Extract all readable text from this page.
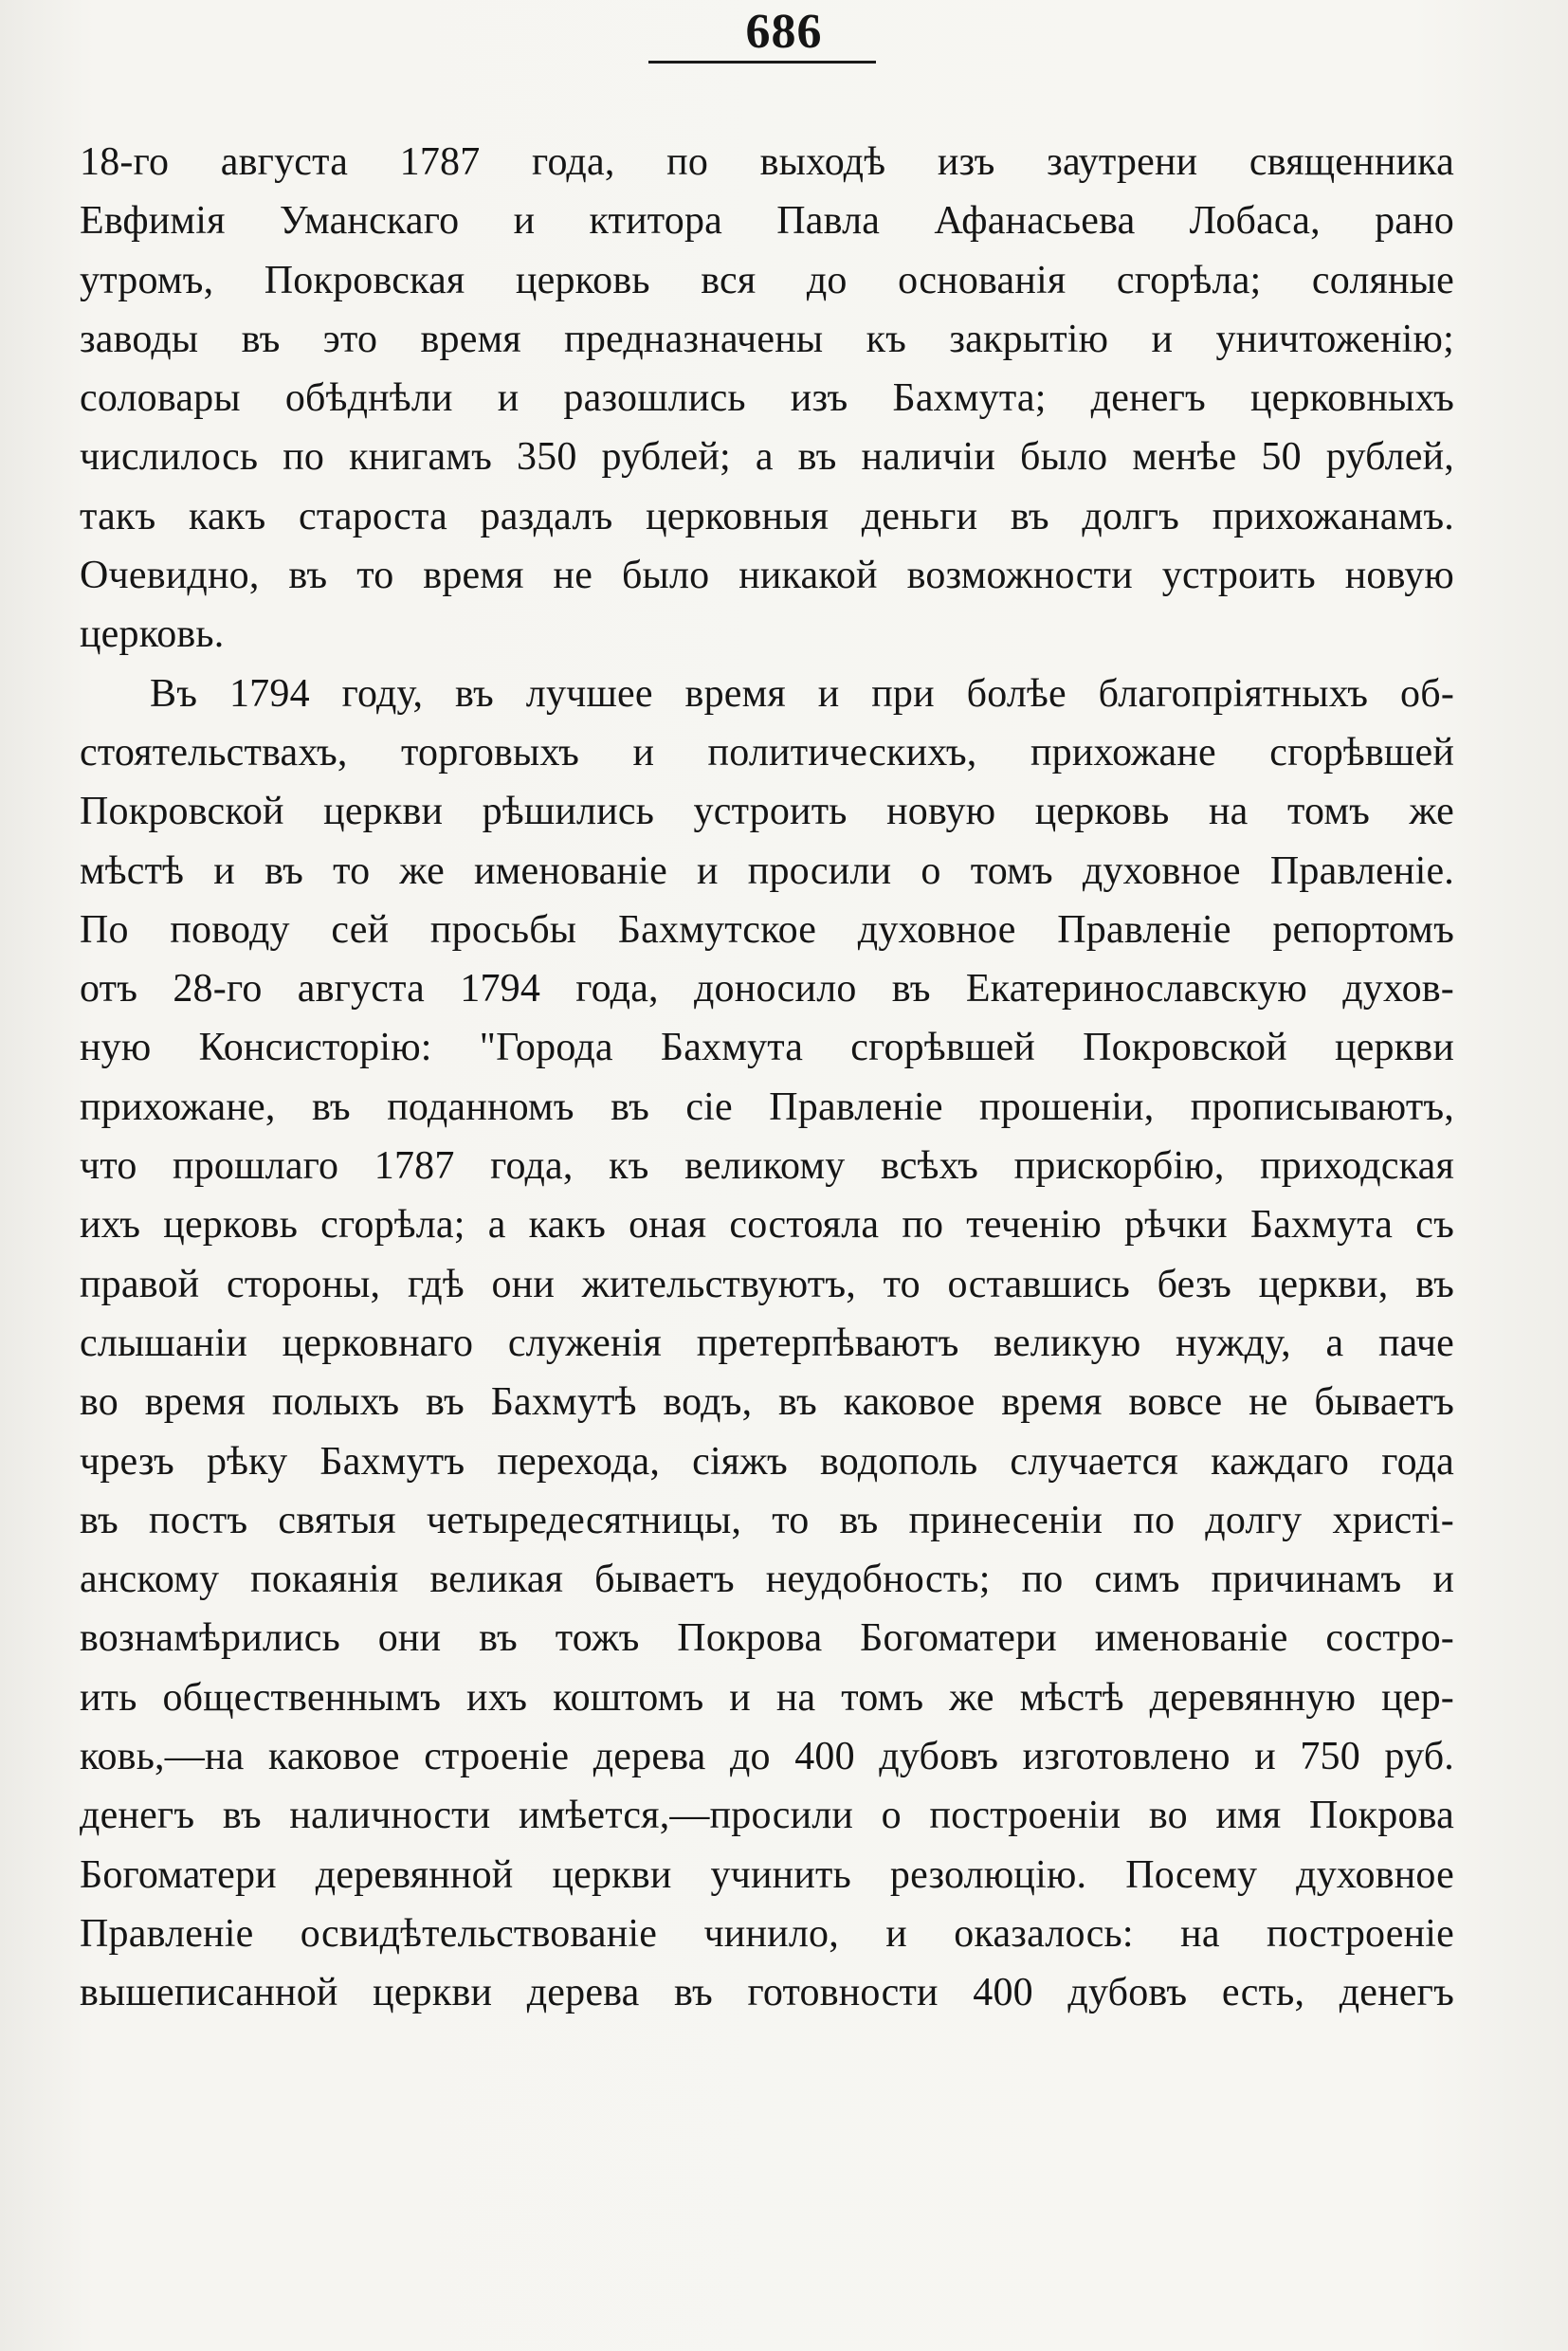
686
18-го августа 1787 года, по выходѣ изъ заутрени священника
Евфимія Уманскаго и ктитора Павла Афанасьева Лобаса, рано
утромъ, Покровская церковь вся до основанія сгорѣла; соляные
заводы въ это время предназначены къ закрытію и уничтоженію;
соловары обѣднѣли и разошлись изъ Бахмута; денегъ церковныхъ
числилось по книгамъ 350 рублей; а въ наличіи было менѣе 50 рублей,
такъ какъ староста раздалъ церковныя деньги въ долгъ прихожанамъ.
Очевидно, въ то время не было никакой возможности устроить новую
церковь.
Въ 1794 году, въ лучшее время и при болѣе благопріятныхъ об-
стоятельствахъ, торговыхъ и политическихъ, прихожане сгорѣвшей
Покровской церкви рѣшились устроить новую церковь на томъ же
мѣстѣ и въ то же именованіе и просили о томъ духовное Правленіе.
По поводу сей просьбы Бахмутское духовное Правленіе репортомъ
отъ 28-го августа 1794 года, доносило въ Екатеринославскую духов-
ную Консисторію: "Города Бахмута сгорѣвшей Покровской церкви
прихожане, въ поданномъ въ сіе Правленіе прошеніи, прописываютъ,
что прошлаго 1787 года, къ великому всѣхъ прискорбію, приходская
ихъ церковь сгорѣла; а какъ оная состояла по теченію рѣчки Бахмута съ
правой стороны, гдѣ они жительствуютъ, то оставшись безъ церкви, въ
слышаніи церковнаго служенія претерпѣваютъ великую нужду, а паче
во время полыхъ въ Бахмутѣ водъ, въ каковое время вовсе не бываетъ
чрезъ рѣку Бахмутъ перехода, сіяжъ водополь случается каждаго года
въ постъ святыя четыредесятницы, то въ принесеніи по долгу христі-
анскому покаянія великая бываетъ неудобность; по симъ причинамъ и
вознамѣрились они въ тожъ Покрова Богоматери именованіе состро-
ить общественнымъ ихъ коштомъ и на томъ же мѣстѣ деревянную цер-
ковь,—на каковое строеніе дерева до 400 дубовъ изготовлено и 750 руб.
денегъ въ наличности имѣется,—просили о построеніи во имя Покрова
Богоматери деревянной церкви учинить резолюцію. Посему духовное
Правленіе освидѣтельствованіе чинило, и оказалось: на построеніе
вышеписанной церкви дерева въ готовности 400 дубовъ есть, денегъ
